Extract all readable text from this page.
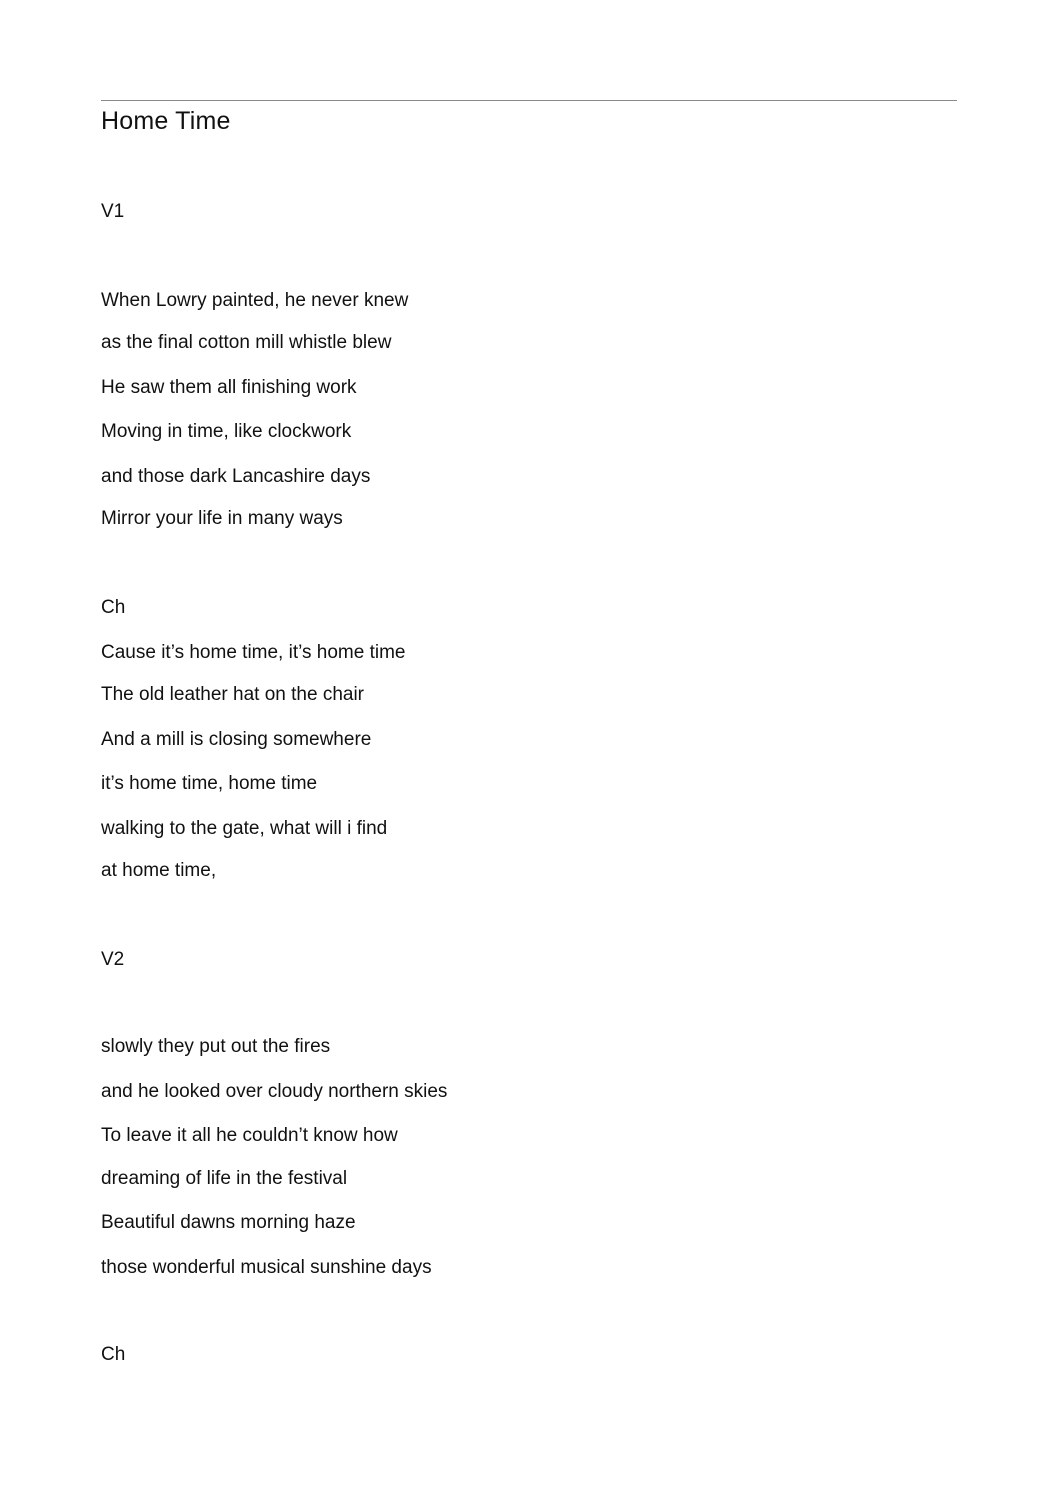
Home Time
V1
When Lowry painted, he never knew
as the final cotton mill whistle blew
He saw them all finishing work
Moving in time, like clockwork
and those dark Lancashire days
Mirror your life in many ways
Ch
Cause it’s home time, it’s home time
The old leather hat on the chair
And a mill is closing somewhere
it’s home time, home time
walking to the gate, what will i find
at home time,
V2
slowly they put out the fires
and he looked over cloudy northern skies
To leave it all he couldn’t know how
dreaming of life in the festival
Beautiful dawns morning haze
those wonderful musical sunshine days
Ch
